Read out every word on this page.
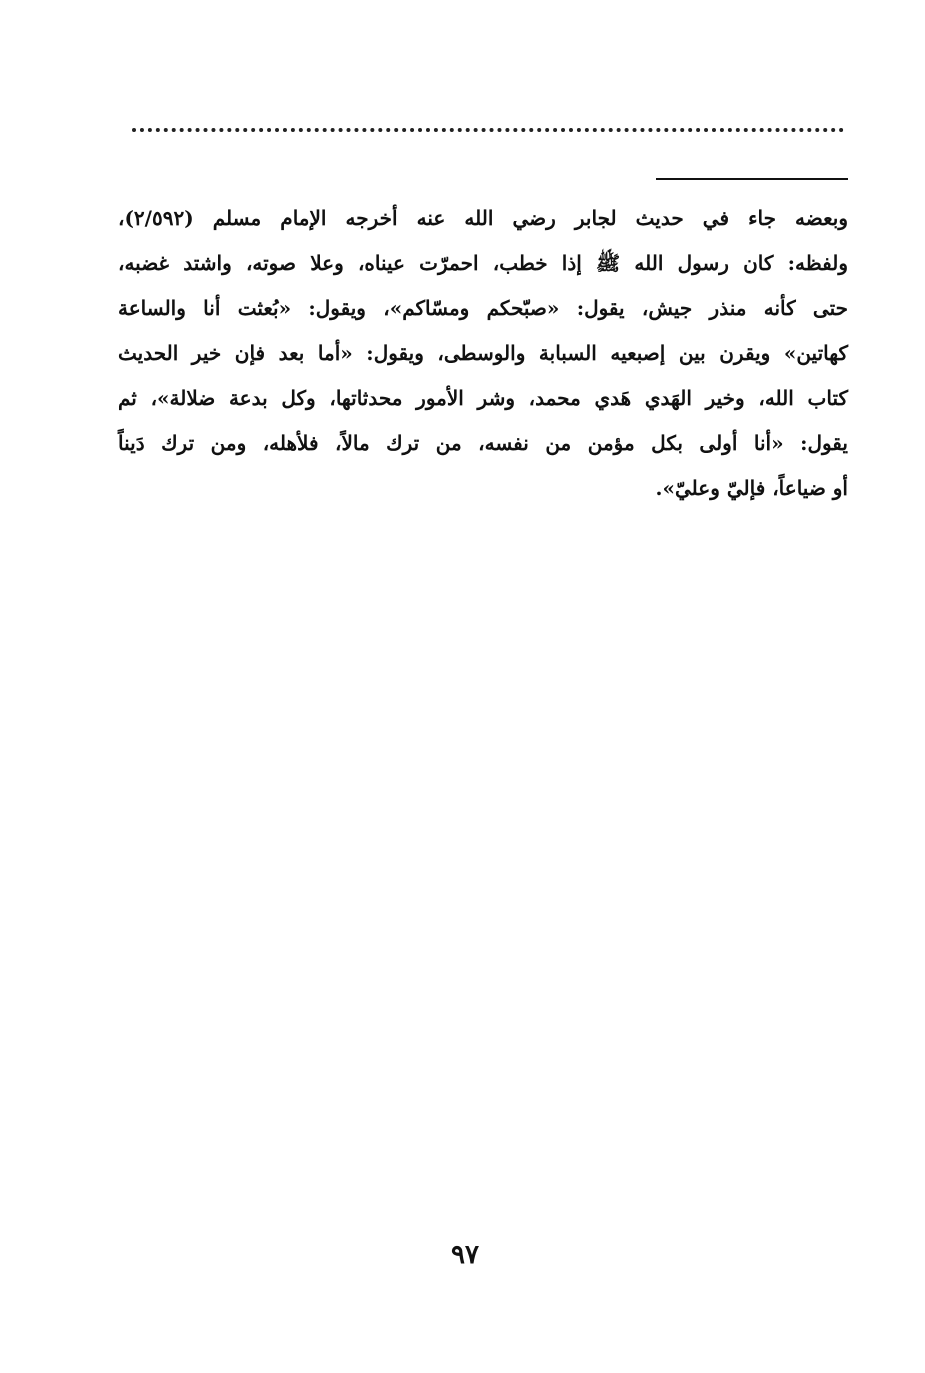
وبعضه جاء في حديث لجابر رضي الله عنه أخرجه الإمام مسلم (٢/٥٩٢)،
ولفظه: كان رسول الله ﷺ إذا خطب، احمرّت عيناه، وعلا صوته، واشتد غضبه،
حتى كأنه منذر جيش، يقول: «صبّحكم ومسّاكم»، ويقول: «بُعثت أنا والساعة
كهاتين» ويقرن بين إصبعيه السبابة والوسطى، ويقول: «أما بعد فإن خير الحديث
كتاب الله، وخير الهَدي هَدي محمد، وشر الأمور محدثاتها، وكل بدعة ضلالة»، ثم
يقول: «أنا أولى بكل مؤمن من نفسه، من ترك مالاً، فلأهله، ومن ترك دَيناً
أو ضياعاً، فإليّ وعليّ».
٩٧
